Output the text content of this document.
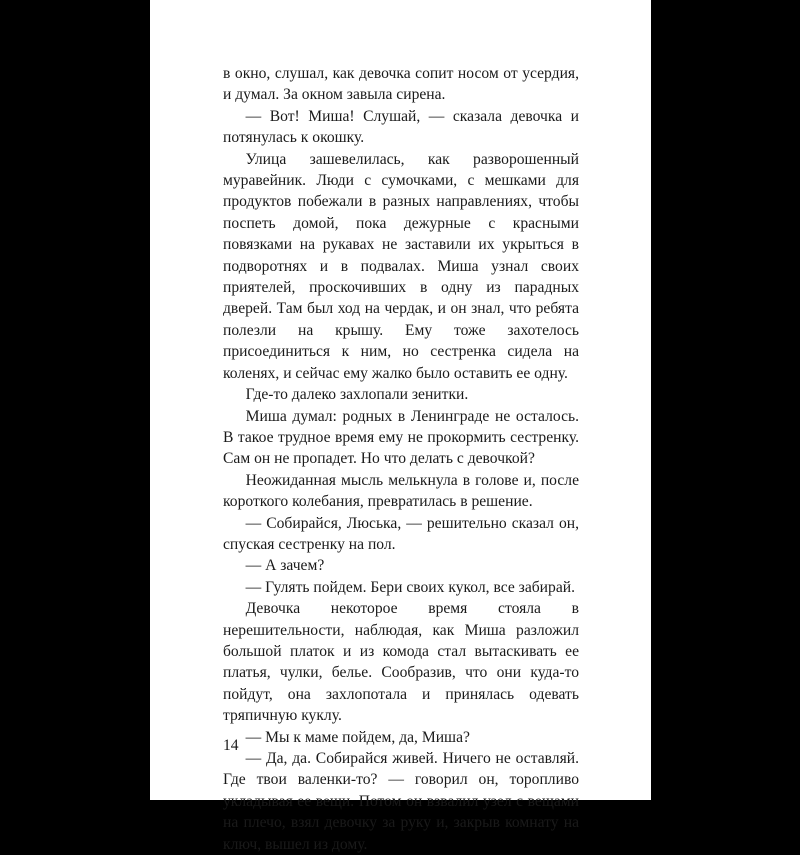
в окно, слушал, как девочка сопит носом от усердия, и думал. За окном завыла сирена.

— Вот! Миша! Слушай, — сказала девочка и потянулась к окошку.

Улица зашевелилась, как разворошенный муравейник. Люди с сумочками, с мешками для продуктов побежали в разных направлениях, чтобы поспеть домой, пока дежурные с красными повязками на рукавах не заставили их укрыться в подворотнях и в подвалах. Миша узнал своих приятелей, проскочивших в одну из парадных дверей. Там был ход на чердак, и он знал, что ребята полезли на крышу. Ему тоже захотелось присоединиться к ним, но сестренка сидела на коленях, и сейчас ему жалко было оставить ее одну.

Где-то далеко захлопали зенитки.

Миша думал: родных в Ленинграде не осталось. В такое трудное время ему не прокормить сестренку. Сам он не пропадет. Но что делать с девочкой?

Неожиданная мысль мелькнула в голове и, после короткого колебания, превратилась в решение.

— Собирайся, Люська, — решительно сказал он, спуская сестренку на пол.

— А зачем?

— Гулять пойдем. Бери своих кукол, все забирай.

Девочка некоторое время стояла в нерешительности, наблюдая, как Миша разложил большой платок и из комода стал вытаскивать ее платья, чулки, белье. Сообразив, что они куда-то пойдут, она захлопотала и принялась одевать тряпичную куклу.

— Мы к маме пойдем, да, Миша?

— Да, да. Собирайся живей. Ничего не оставляй. Где твои валенки-то? — говорил он, торопливо укладывая ее вещи. Потом он взвалил узел с вещами на плечо, взял девочку за руку и, закрыв комнату на ключ, вышел из дому.

14
